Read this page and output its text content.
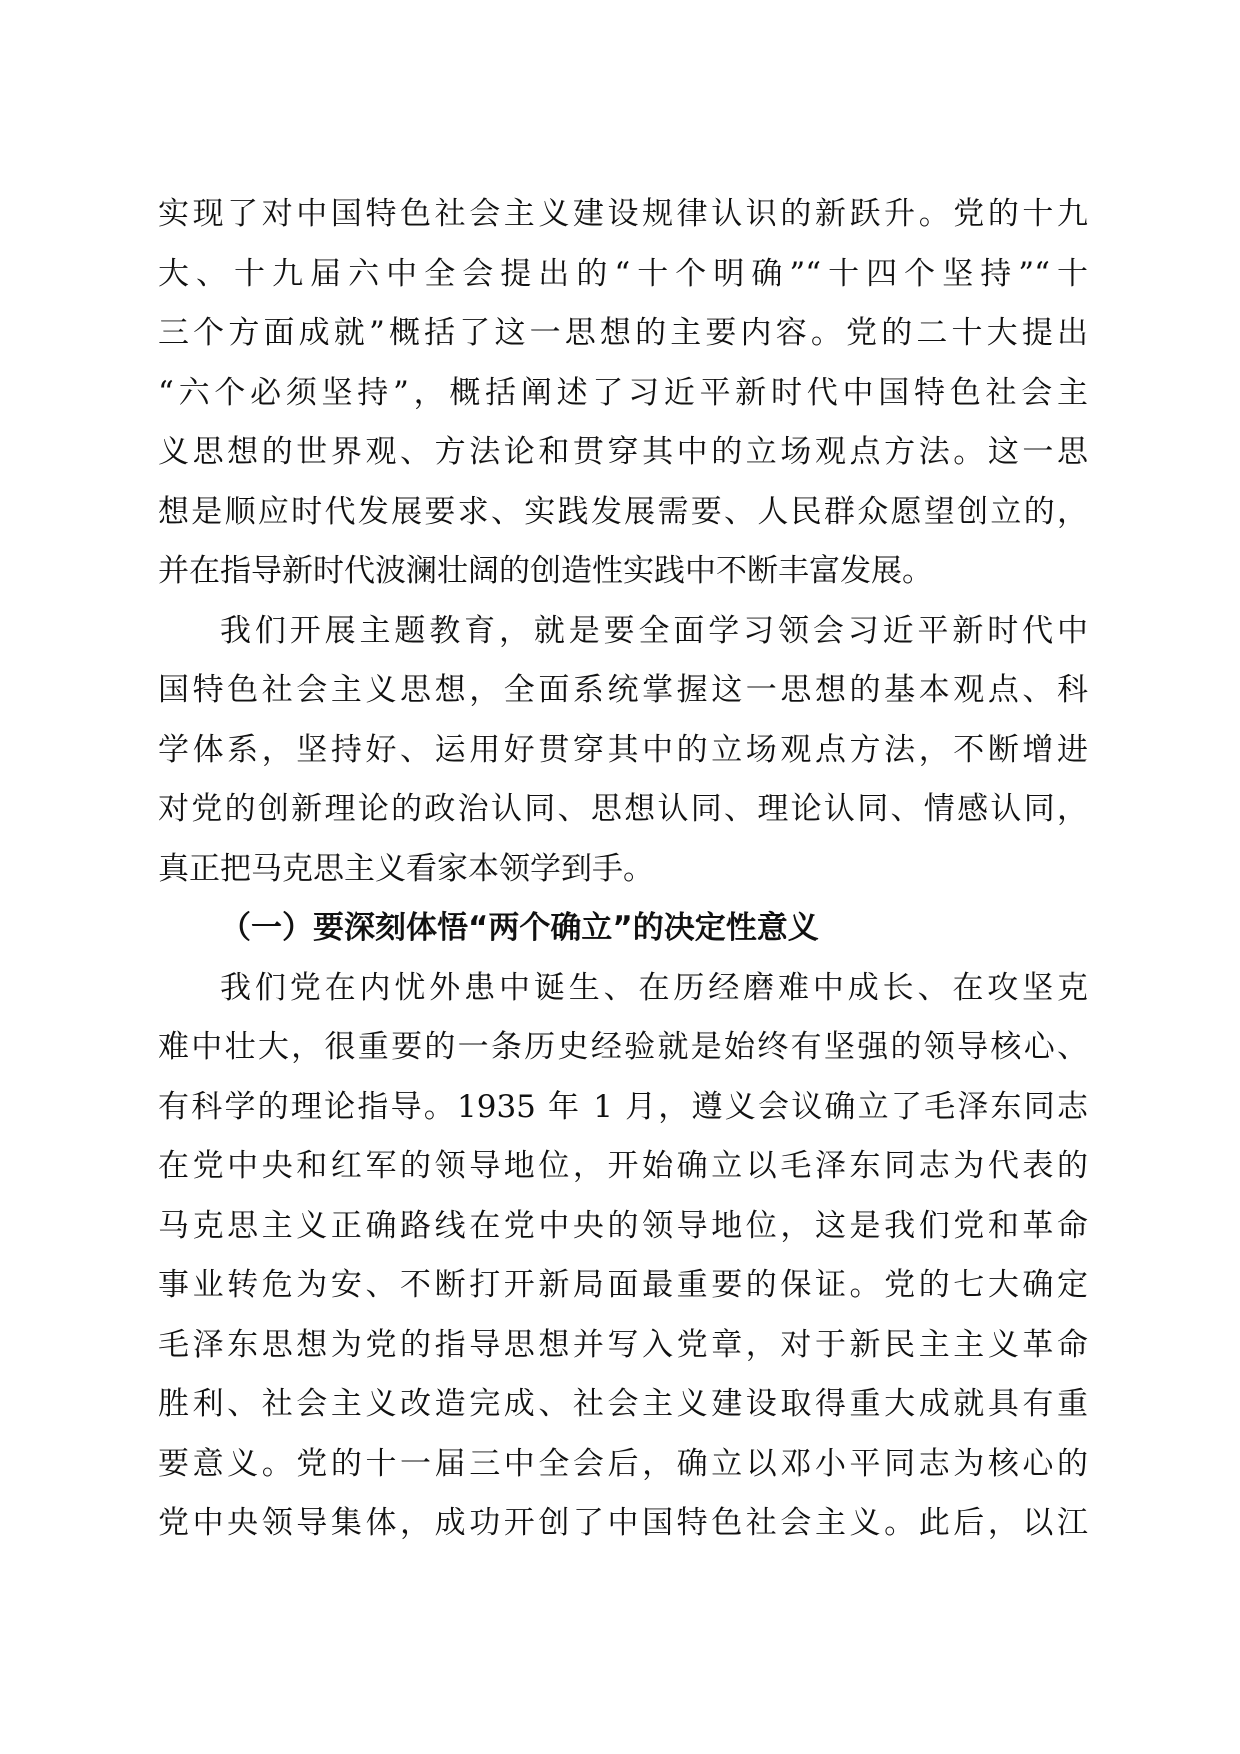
实现了对中国特色社会主义建设规律认识的新跃升。党的十九
大、十九届六中全会提出的“十个明确”“十四个坚持”“十
三个方面成就”概括了这一思想的主要内容。党的二十大提出
“六个必须坚持”，概括阐述了习近平新时代中国特色社会主
义思想的世界观、方法论和贯穿其中的立场观点方法。这一思
想是顺应时代发展要求、实践发展需要、人民群众愿望创立的，
并在指导新时代波澜壮阔的创造性实践中不断丰富发展。
我们开展主题教育，就是要全面学习领会习近平新时代中
国特色社会主义思想，全面系统掌握这一思想的基本观点、科
学体系，坚持好、运用好贯穿其中的立场观点方法，不断增进
对党的创新理论的政治认同、思想认同、理论认同、情感认同，
真正把马克思主义看家本领学到手。
（一）要深刻体悟“两个确立”的决定性意义
我们党在内忧外患中诞生、在历经磨难中成长、在攻坚克
难中壮大，很重要的一条历史经验就是始终有坚强的领导核心、
有科学的理论指导。1935 年 1 月，遵义会议确立了毛泽东同志
在党中央和红军的领导地位，开始确立以毛泽东同志为代表的
马克思主义正确路线在党中央的领导地位，这是我们党和革命
事业转危为安、不断打开新局面最重要的保证。党的七大确定
毛泽东思想为党的指导思想并写入党章，对于新民主主义革命
胜利、社会主义改造完成、社会主义建设取得重大成就具有重
要意义。党的十一届三中全会后，确立以邓小平同志为核心的
党中央领导集体，成功开创了中国特色社会主义。此后，以江
